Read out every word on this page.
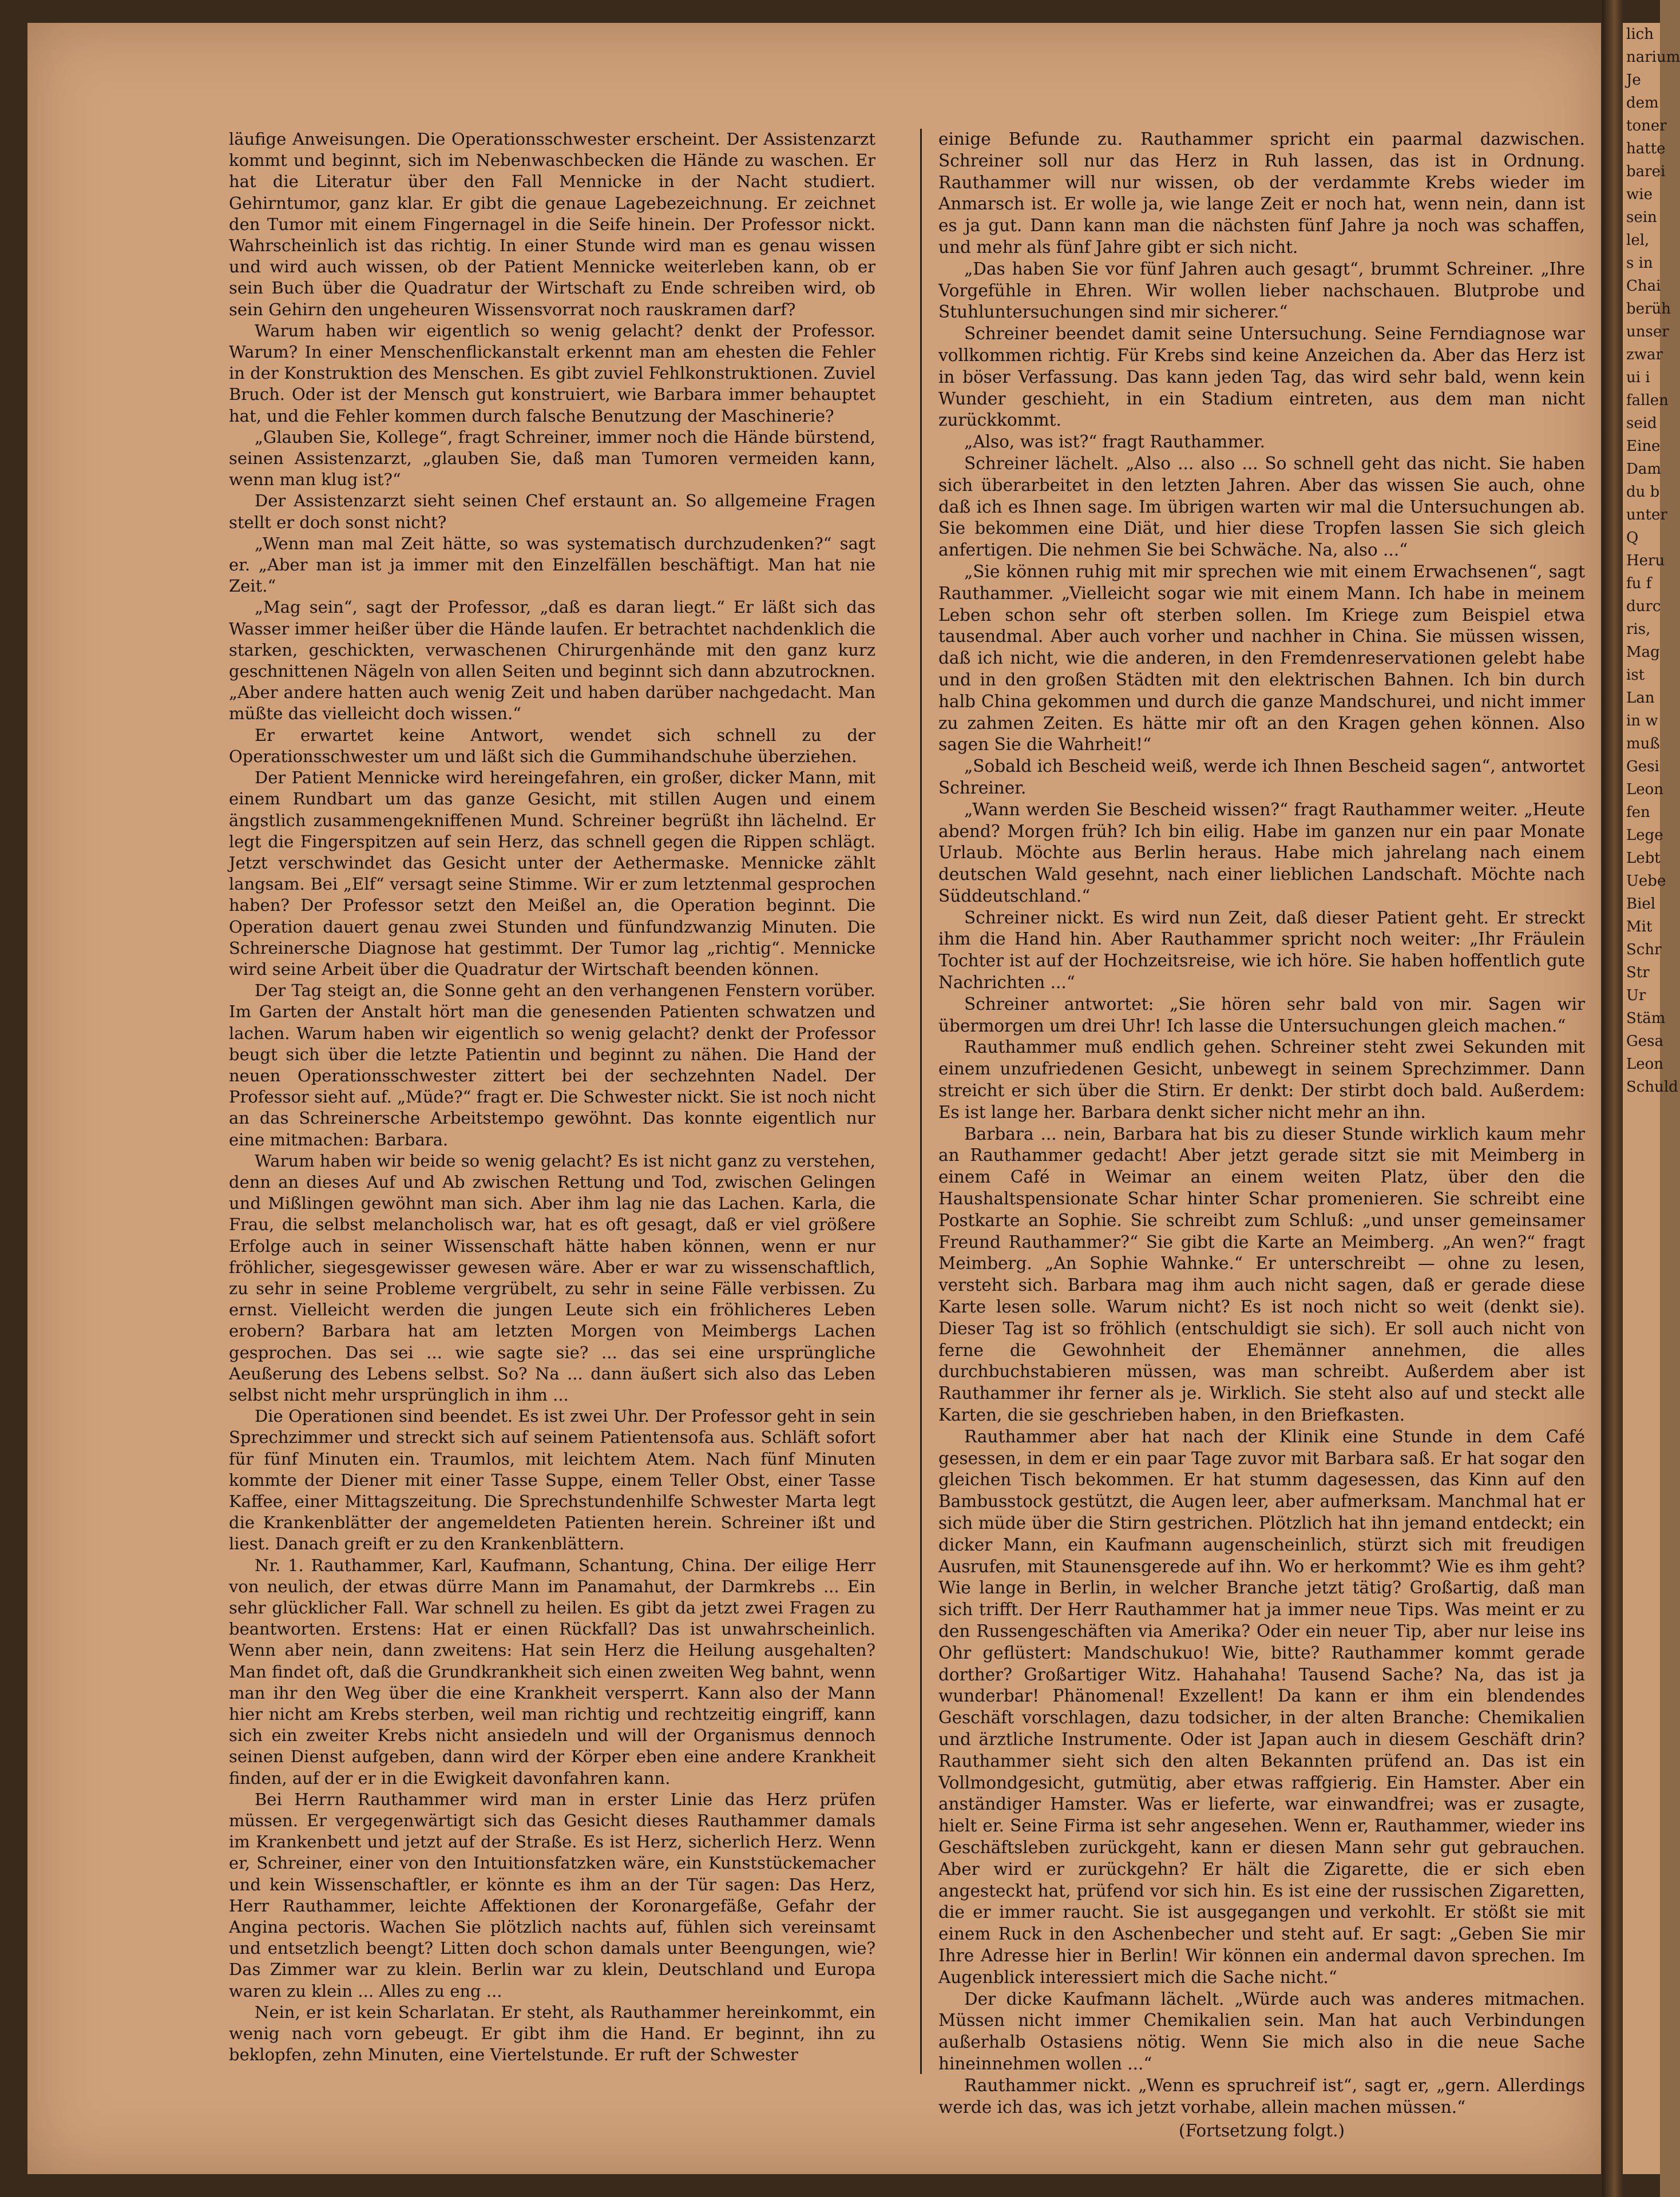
lich
narium
Je
dem
toner
hatte
barei
wie
sein
lel,
s in
Chai
berüh
unser
zwar
ui i
fallen
seid
Eine
Dam
du b
unter
Q
Heru
fu f
durc
ris,
Mag
ist
Lan
in w
muß
Gesi
Leon
fen
Lege
Lebt
Uebe
Biel
Mit
Schr
Str
Ur
Stäm
Gesa
Leon
Schuld

läufige Anweisungen. Die Operationsschwester erscheint. Der Assistenzarzt kommt und beginnt, sich im Nebenwaschbecken die Hände zu waschen. Er hat die Literatur über den Fall Mennicke in der Nacht studiert. Gehirntumor, ganz klar. Er gibt die genaue Lagebezeichnung. Er zeichnet den Tumor mit einem Fingernagel in die Seife hinein. Der Professor nickt. Wahrscheinlich ist das richtig. In einer Stunde wird man es genau wissen und wird auch wissen, ob der Patient Mennicke weiterleben kann, ob er sein Buch über die Quadratur der Wirtschaft zu Ende schreiben wird, ob sein Gehirn den ungeheuren Wissensvorrat noch rauskramen darf?

Warum haben wir eigentlich so wenig gelacht? denkt der Professor. Warum? In einer Menschenflickanstalt erkennt man am ehesten die Fehler in der Konstruktion des Menschen. Es gibt zuviel Fehlkonstruktionen. Zuviel Bruch. Oder ist der Mensch gut konstruiert, wie Barbara immer behauptet hat, und die Fehler kommen durch falsche Benutzung der Maschinerie?

„Glauben Sie, Kollege“, fragt Schreiner, immer noch die Hände bürstend, seinen Assistenzarzt, „glauben Sie, daß man Tumoren vermeiden kann, wenn man klug ist?“

Der Assistenzarzt sieht seinen Chef erstaunt an. So allgemeine Fragen stellt er doch sonst nicht?

„Wenn man mal Zeit hätte, so was systematisch durchzudenken?“ sagt er. „Aber man ist ja immer mit den Einzelfällen beschäftigt. Man hat nie Zeit.“

„Mag sein“, sagt der Professor, „daß es daran liegt.“ Er läßt sich das Wasser immer heißer über die Hände laufen. Er betrachtet nachdenklich die starken, geschickten, verwaschenen Chirurgenhände mit den ganz kurz geschnittenen Nägeln von allen Seiten und beginnt sich dann abzutrocknen. „Aber andere hatten auch wenig Zeit und haben darüber nachgedacht. Man müßte das vielleicht doch wissen.“

Er erwartet keine Antwort, wendet sich schnell zu der Operationsschwester um und läßt sich die Gummihandschuhe überziehen.

Der Patient Mennicke wird hereingefahren, ein großer, dicker Mann, mit einem Rundbart um das ganze Gesicht, mit stillen Augen und einem ängstlich zusammengekniffenen Mund. Schreiner begrüßt ihn lächelnd. Er legt die Fingerspitzen auf sein Herz, das schnell gegen die Rippen schlägt. Jetzt verschwindet das Gesicht unter der Aethermaske. Mennicke zählt langsam. Bei „Elf“ versagt seine Stimme. Wir er zum letztenmal gesprochen haben? Der Professor setzt den Meißel an, die Operation beginnt. Die Operation dauert genau zwei Stunden und fünfundzwanzig Minuten. Die Schreinersche Diagnose hat gestimmt. Der Tumor lag „richtig“. Mennicke wird seine Arbeit über die Quadratur der Wirtschaft beenden können.

Der Tag steigt an, die Sonne geht an den verhangenen Fenstern vorüber. Im Garten der Anstalt hört man die genesenden Patienten schwatzen und lachen. Warum haben wir eigentlich so wenig gelacht? denkt der Professor beugt sich über die letzte Patientin und beginnt zu nähen. Die Hand der neuen Operationsschwester zittert bei der sechzehnten Nadel. Der Professor sieht auf. „Müde?“ fragt er. Die Schwester nickt. Sie ist noch nicht an das Schreinersche Arbeitstempo gewöhnt. Das konnte eigentlich nur eine mitmachen: Barbara.

Warum haben wir beide so wenig gelacht? Es ist nicht ganz zu verstehen, denn an dieses Auf und Ab zwischen Rettung und Tod, zwischen Gelingen und Mißlingen gewöhnt man sich. Aber ihm lag nie das Lachen. Karla, die Frau, die selbst melancholisch war, hat es oft gesagt, daß er viel größere Erfolge auch in seiner Wissenschaft hätte haben können, wenn er nur fröhlicher, siegesgewisser gewesen wäre. Aber er war zu wissenschaftlich, zu sehr in seine Probleme vergrübelt, zu sehr in seine Fälle verbissen. Zu ernst. Vielleicht werden die jungen Leute sich ein fröhlicheres Leben erobern? Barbara hat am letzten Morgen von Meimbergs Lachen gesprochen. Das sei ... wie sagte sie? ... das sei eine ursprüngliche Aeußerung des Lebens selbst. So? Na ... dann äußert sich also das Leben selbst nicht mehr ursprünglich in ihm ...

Die Operationen sind beendet. Es ist zwei Uhr. Der Professor geht in sein Sprechzimmer und streckt sich auf seinem Patientensofa aus. Schläft sofort für fünf Minuten ein. Traumlos, mit leichtem Atem. Nach fünf Minuten kommte der Diener mit einer Tasse Suppe, einem Teller Obst, einer Tasse Kaffee, einer Mittagszeitung. Die Sprechstundenhilfe Schwester Marta legt die Krankenblätter der angemeldeten Patienten herein. Schreiner ißt und liest. Danach greift er zu den Krankenblättern.

Nr. 1. Rauthammer, Karl, Kaufmann, Schantung, China. Der eilige Herr von neulich, der etwas dürre Mann im Panamahut, der Darmkrebs ... Ein sehr glücklicher Fall. War schnell zu heilen. Es gibt da jetzt zwei Fragen zu beantworten. Erstens: Hat er einen Rückfall? Das ist unwahrscheinlich. Wenn aber nein, dann zweitens: Hat sein Herz die Heilung ausgehalten? Man findet oft, daß die Grundkrankheit sich einen zweiten Weg bahnt, wenn man ihr den Weg über die eine Krankheit versperrt. Kann also der Mann hier nicht am Krebs sterben, weil man richtig und rechtzeitig eingriff, kann sich ein zweiter Krebs nicht ansiedeln und will der Organismus dennoch seinen Dienst aufgeben, dann wird der Körper eben eine andere Krankheit finden, auf der er in die Ewigkeit davonfahren kann.

Bei Herrn Rauthammer wird man in erster Linie das Herz prüfen müssen. Er vergegenwärtigt sich das Gesicht dieses Rauthammer damals im Krankenbett und jetzt auf der Straße. Es ist Herz, sicherlich Herz. Wenn er, Schreiner, einer von den Intuitionsfatzken wäre, ein Kunststückemacher und kein Wissenschaftler, er könnte es ihm an der Tür sagen: Das Herz, Herr Rauthammer, leichte Affektionen der Koronargefäße, Gefahr der Angina pectoris. Wachen Sie plötzlich nachts auf, fühlen sich vereinsamt und entsetzlich beengt? Litten doch schon damals unter Beengungen, wie? Das Zimmer war zu klein. Berlin war zu klein, Deutschland und Europa waren zu klein ... Alles zu eng ...

Nein, er ist kein Scharlatan. Er steht, als Rauthammer hereinkommt, ein wenig nach vorn gebeugt. Er gibt ihm die Hand. Er beginnt, ihn zu beklopfen, zehn Minuten, eine Viertelstunde. Er ruft der Schwester

einige Befunde zu. Rauthammer spricht ein paarmal dazwischen. Schreiner soll nur das Herz in Ruh lassen, das ist in Ordnung. Rauthammer will nur wissen, ob der verdammte Krebs wieder im Anmarsch ist. Er wolle ja, wie lange Zeit er noch hat, wenn nein, dann ist es ja gut. Dann kann man die nächsten fünf Jahre ja noch was schaffen, und mehr als fünf Jahre gibt er sich nicht.

„Das haben Sie vor fünf Jahren auch gesagt“, brummt Schreiner. „Ihre Vorgefühle in Ehren. Wir wollen lieber nachschauen. Blutprobe und Stuhluntersuchungen sind mir sicherer.“

Schreiner beendet damit seine Untersuchung. Seine Ferndiagnose war vollkommen richtig. Für Krebs sind keine Anzeichen da. Aber das Herz ist in böser Verfassung. Das kann jeden Tag, das wird sehr bald, wenn kein Wunder geschieht, in ein Stadium eintreten, aus dem man nicht zurückkommt.

„Also, was ist?“ fragt Rauthammer.

Schreiner lächelt. „Also ... also ... So schnell geht das nicht. Sie haben sich überarbeitet in den letzten Jahren. Aber das wissen Sie auch, ohne daß ich es Ihnen sage. Im übrigen warten wir mal die Untersuchungen ab. Sie bekommen eine Diät, und hier diese Tropfen lassen Sie sich gleich anfertigen. Die nehmen Sie bei Schwäche. Na, also ...“

„Sie können ruhig mit mir sprechen wie mit einem Erwachsenen“, sagt Rauthammer. „Vielleicht sogar wie mit einem Mann. Ich habe in meinem Leben schon sehr oft sterben sollen. Im Kriege zum Beispiel etwa tausendmal. Aber auch vorher und nachher in China. Sie müssen wissen, daß ich nicht, wie die anderen, in den Fremdenreservationen gelebt habe und in den großen Städten mit den elektrischen Bahnen. Ich bin durch halb China gekommen und durch die ganze Mandschurei, und nicht immer zu zahmen Zeiten. Es hätte mir oft an den Kragen gehen können. Also sagen Sie die Wahrheit!“

„Sobald ich Bescheid weiß, werde ich Ihnen Bescheid sagen“, antwortet Schreiner.

„Wann werden Sie Bescheid wissen?“ fragt Rauthammer weiter. „Heute abend? Morgen früh? Ich bin eilig. Habe im ganzen nur ein paar Monate Urlaub. Möchte aus Berlin heraus. Habe mich jahrelang nach einem deutschen Wald gesehnt, nach einer lieblichen Landschaft. Möchte nach Süddeutschland.“

Schreiner nickt. Es wird nun Zeit, daß dieser Patient geht. Er streckt ihm die Hand hin. Aber Rauthammer spricht noch weiter: „Ihr Fräulein Tochter ist auf der Hochzeitsreise, wie ich höre. Sie haben hoffentlich gute Nachrichten ...“

Schreiner antwortet: „Sie hören sehr bald von mir. Sagen wir übermorgen um drei Uhr! Ich lasse die Untersuchungen gleich machen.“

Rauthammer muß endlich gehen. Schreiner steht zwei Sekunden mit einem unzufriedenen Gesicht, unbewegt in seinem Sprechzimmer. Dann streicht er sich über die Stirn. Er denkt: Der stirbt doch bald. Außerdem: Es ist lange her. Barbara denkt sicher nicht mehr an ihn.

Barbara ... nein, Barbara hat bis zu dieser Stunde wirklich kaum mehr an Rauthammer gedacht! Aber jetzt gerade sitzt sie mit Meimberg in einem Café in Weimar an einem weiten Platz, über den die Haushaltspensionate Schar hinter Schar promenieren. Sie schreibt eine Postkarte an Sophie. Sie schreibt zum Schluß: „und unser gemeinsamer Freund Rauthammer?“ Sie gibt die Karte an Meimberg. „An wen?“ fragt Meimberg. „An Sophie Wahnke.“ Er unterschreibt — ohne zu lesen, versteht sich. Barbara mag ihm auch nicht sagen, daß er gerade diese Karte lesen solle. Warum nicht? Es ist noch nicht so weit (denkt sie). Dieser Tag ist so fröhlich (entschuldigt sie sich). Er soll auch nicht von ferne die Gewohnheit der Ehemänner annehmen, die alles durchbuchstabieren müssen, was man schreibt. Außerdem aber ist Rauthammer ihr ferner als je. Wirklich. Sie steht also auf und steckt alle Karten, die sie geschrieben haben, in den Briefkasten.

Rauthammer aber hat nach der Klinik eine Stunde in dem Café gesessen, in dem er ein paar Tage zuvor mit Barbara saß. Er hat sogar den gleichen Tisch bekommen. Er hat stumm dagesessen, das Kinn auf den Bambusstock gestützt, die Augen leer, aber aufmerksam. Manchmal hat er sich müde über die Stirn gestrichen. Plötzlich hat ihn jemand entdeckt; ein dicker Mann, ein Kaufmann augenscheinlich, stürzt sich mit freudigen Ausrufen, mit Staunensgerede auf ihn. Wo er herkommt? Wie es ihm geht? Wie lange in Berlin, in welcher Branche jetzt tätig? Großartig, daß man sich trifft. Der Herr Rauthammer hat ja immer neue Tips. Was meint er zu den Russengeschäften via Amerika? Oder ein neuer Tip, aber nur leise ins Ohr geflüstert: Mandschukuo! Wie, bitte? Rauthammer kommt gerade dorther? Großartiger Witz. Hahahaha! Tausend Sache? Na, das ist ja wunderbar! Phänomenal! Exzellent! Da kann er ihm ein blendendes Geschäft vorschlagen, dazu todsicher, in der alten Branche: Chemikalien und ärztliche Instrumente. Oder ist Japan auch in diesem Geschäft drin? Rauthammer sieht sich den alten Bekannten prüfend an. Das ist ein Vollmondgesicht, gutmütig, aber etwas raffgierig. Ein Hamster. Aber ein anständiger Hamster. Was er lieferte, war einwandfrei; was er zusagte, hielt er. Seine Firma ist sehr angesehen. Wenn er, Rauthammer, wieder ins Geschäftsleben zurückgeht, kann er diesen Mann sehr gut gebrauchen. Aber wird er zurückgehn? Er hält die Zigarette, die er sich eben angesteckt hat, prüfend vor sich hin. Es ist eine der russischen Zigaretten, die er immer raucht. Sie ist ausgegangen und verkohlt. Er stößt sie mit einem Ruck in den Aschenbecher und steht auf. Er sagt: „Geben Sie mir Ihre Adresse hier in Berlin! Wir können ein andermal davon sprechen. Im Augenblick interessiert mich die Sache nicht.“

Der dicke Kaufmann lächelt. „Würde auch was anderes mitmachen. Müssen nicht immer Chemikalien sein. Man hat auch Verbindungen außerhalb Ostasiens nötig. Wenn Sie mich also in die neue Sache hineinnehmen wollen ...“

Rauthammer nickt. „Wenn es spruchreif ist“, sagt er, „gern. Allerdings werde ich das, was ich jetzt vorhabe, allein machen müssen.“

(Fortsetzung folgt.)
